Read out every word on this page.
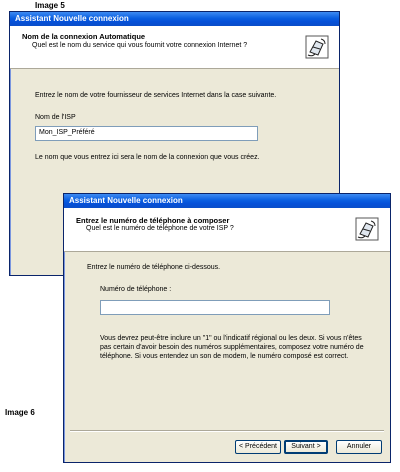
Image 5
Image 6
Assistant Nouvelle connexion
Nom de la connexion Automatique
Quel est le nom du service qui vous fournit votre connexion Internet ?
Entrez le nom de votre fournisseur de services Internet dans la case suivante.
Nom de l'ISP
Mon_ISP_Préféré
Le nom que vous entrez ici sera le nom de la connexion que vous créez.
Assistant Nouvelle connexion
Entrez le numéro de téléphone à composer
Quel est le numéro de téléphone de votre ISP ?
Entrez le numéro de téléphone ci-dessous.
Numéro de téléphone :
Vous devrez peut-être inclure un "1" ou l'indicatif régional ou les deux. Si vous n'êtes pas certain d'avoir besoin des numéros supplémentaires, composez votre numéro de téléphone. Si vous entendez un son de modem, le numéro composé est correct.
< Précédent	Suivant >	Annuler
